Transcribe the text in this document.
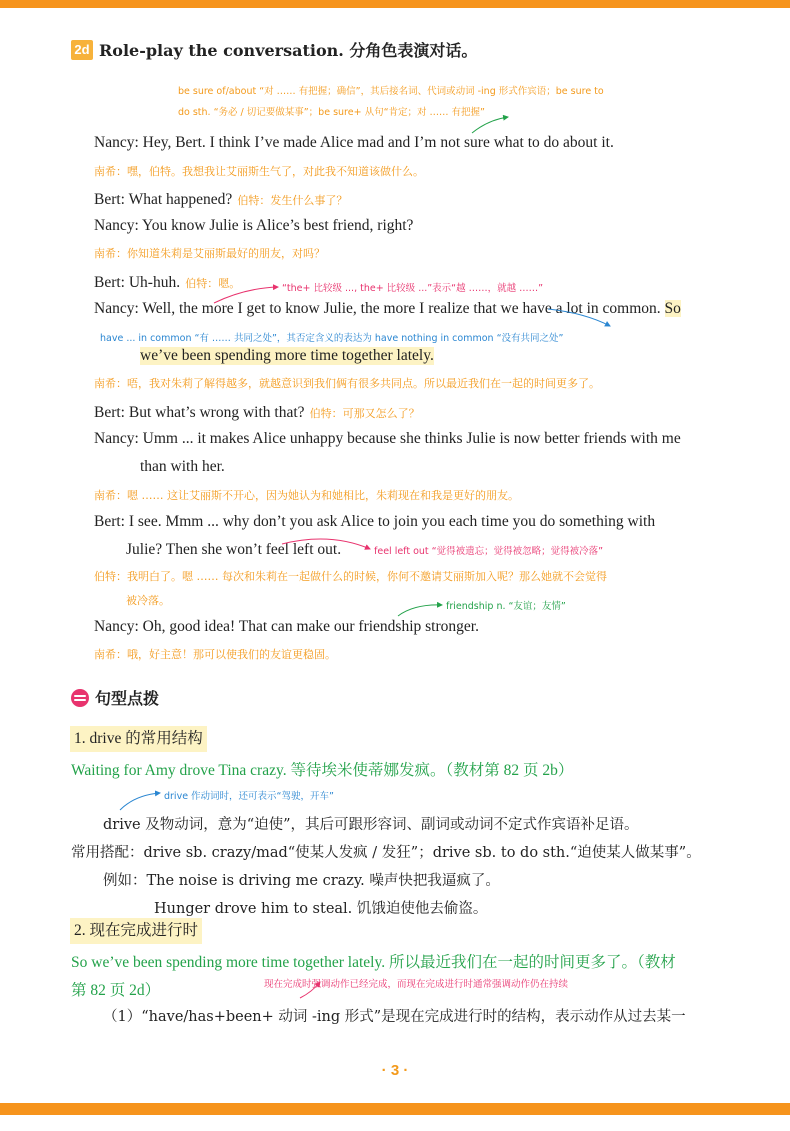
2d Role-play the conversation. 分角色表演对话。
be sure of/about “对 …… 有把握；确信”，其后接名词、代词或动词 -ing 形式作宾语；be sure to
do sth. “务必 / 切记要做某事”；be sure+ 从句“肯定；对 …… 有把握”
Nancy: Hey, Bert. I think I’ve made Alice mad and I’m not sure what to do about it.
南希：嘿，伯特。我想我让艾丽斯生气了，对此我不知道该做什么。
Bert: What happened? 伯特：发生什么事了？
Nancy: You know Julie is Alice’s best friend, right?
南希：你知道朱莉是艾丽斯最好的朋友，对吗？
Bert: Uh-huh. 伯特：嗯。	“the+ 比较级 ..., the+ 比较级 ...”表示“越 ……，就越 ……”
Nancy: Well, the more I get to know Julie, the more I realize that we have a lot in common. So
have ... in common “有 …… 共同之处”，其否定含义的表达为 have nothing in common “没有共同之处”
we’ve been spending more time together lately.
南希：唔，我对朱莉了解得越多，就越意识到我们俩有很多共同点。所以最近我们在一起的时间更多了。
Bert: But what’s wrong with that? 伯特：可那又怎么了？
Nancy: Umm ... it makes Alice unhappy because she thinks Julie is now better friends with me
than with her.
南希：嗯 …… 这让艾丽斯不开心，因为她认为和她相比，朱莉现在和我是更好的朋友。
Bert: I see. Mmm ... why don’t you ask Alice to join you each time you do something with
Julie? Then she won’t feel left out.	feel left out “觉得被遗忘；觉得被忽略；觉得被冷落”
伯特：我明白了。嗯 …… 每次和朱莉在一起做什么的时候，你何不邀请艾丽斯加入呢？那么她就不会觉得
被冷落。	friendship n. “友谊；友情”
Nancy: Oh, good idea! That can make our friendship stronger.
南希：哦，好主意！那可以使我们的友谊更稳固。
句型点拨
1. drive 的常用结构
Waiting for Amy drove Tina crazy. 等待埃米使蒂娜发疯。（教材第 82 页 2b）
drive 作动词时，还可表示“驾驶，开车”
drive 及物动词，意为“迫使”，其后可跟形容词、副词或动词不定式作宾语补足语。
常用搭配：drive sb. crazy/mad“使某人发疯 / 发狂”；drive sb. to do sth.“迫使某人做某事”。
例如：The noise is driving me crazy. 噪声快把我逼疯了。
Hunger drove him to steal. 饥饿迫使他去偷盗。
2. 现在完成进行时
So we’ve been spending more time together lately. 所以最近我们在一起的时间更多了。（教材
第 82 页 2d）	现在完成时强调动作已经完成，而现在完成进行时通常强调动作仍在持续
（1）“have/has+been+ 动词 -ing 形式”是现在完成进行时的结构，表示动作从过去某一
· 3 ·
